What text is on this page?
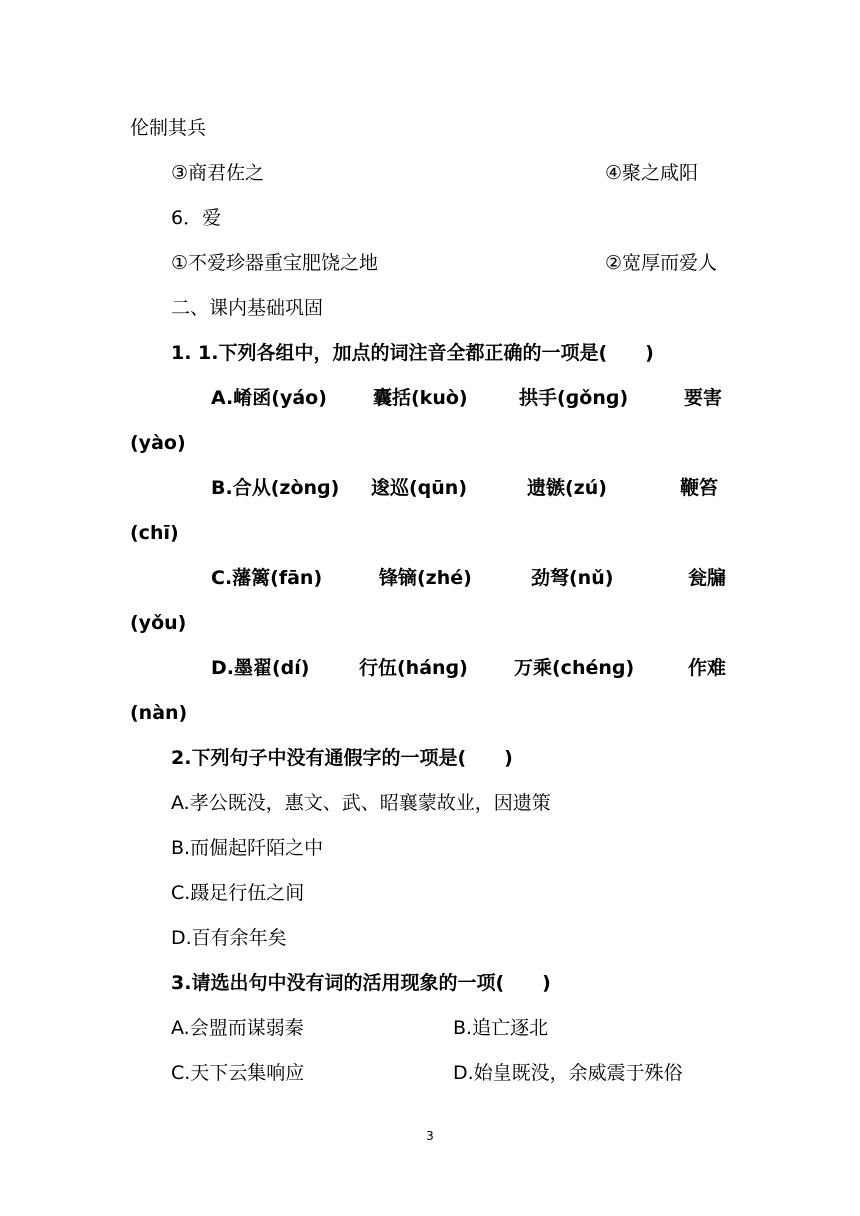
伦制其兵
③商君佐之	④聚之咸阳
6．爱
①不爱珍器重宝肥饶之地	②宽厚而爱人
二、课内基础巩固
1. 1.下列各组中，加点的词注音全都正确的一项是(　　)
A.崤函(yáo) 囊括(kuò)	拱手(ɡǒnɡ)	要害
(yào)
B.合从(zònɡ) 逡巡(qūn)	遗镞(zú)	鞭笞
(chī)
C.藩篱(fān)	锋镝(zhé)	劲弩(nǔ)	瓮牖
(yǒu)
D.墨翟(dí)	行伍(hánɡ) 万乘(chénɡ)	作难
(nàn)
2.下列句子中没有通假字的一项是(　　)
A.孝公既没，惠文、武、昭襄蒙故业，因遗策
B.而倔起阡陌之中
C.蹑足行伍之间
D.百有余年矣
3.请选出句中没有词的活用现象的一项(　　)
A.会盟而谋弱秦	B.追亡逐北
C.天下云集响应	D.始皇既没，余威震于殊俗
3
